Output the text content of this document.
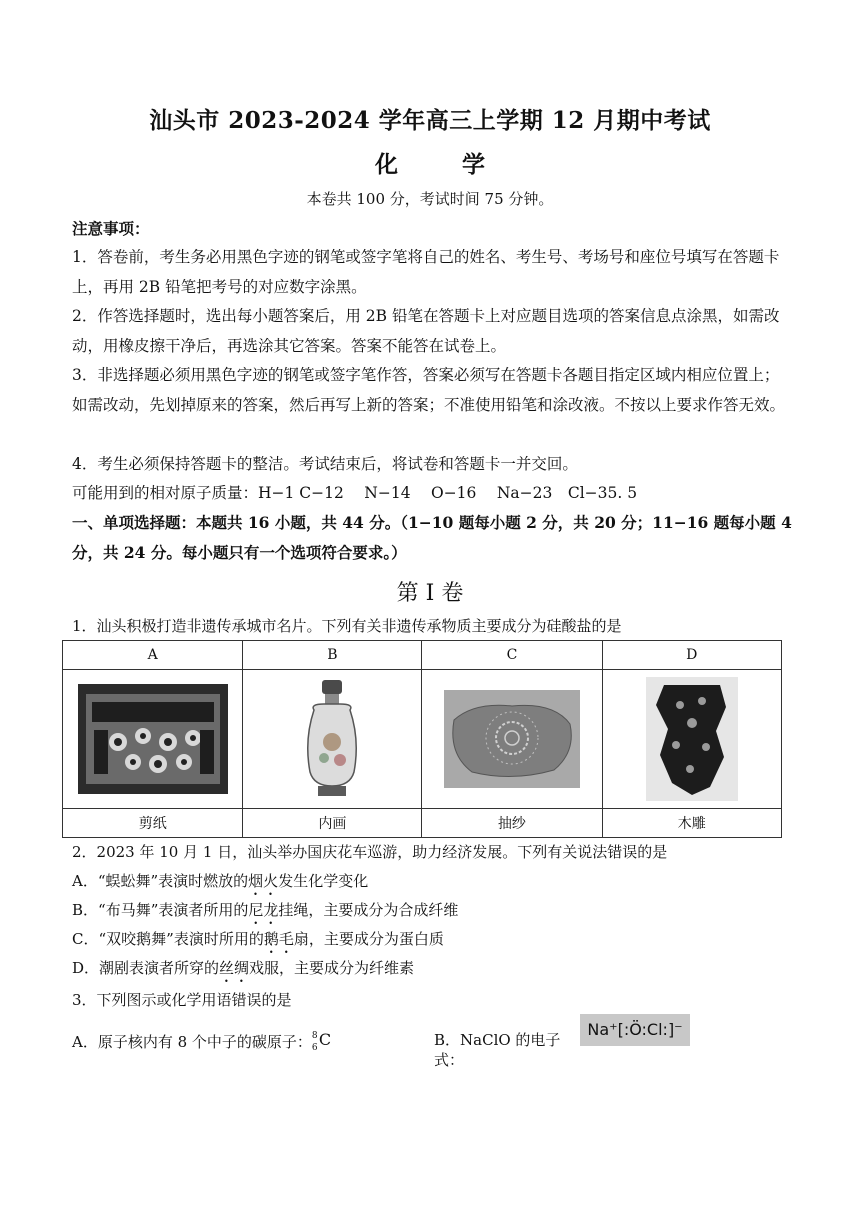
汕头市 2023-2024 学年高三上学期 12 月期中考试
化 学
本卷共 100 分，考试时间 75 分钟。
注意事项：
1．答卷前，考生务必用黑色字迹的钢笔或签字笔将自己的姓名、考生号、考场号和座位号填写在答题卡上，再用 2B 铅笔把考号的对应数字涂黑。
2．作答选择题时，选出每小题答案后，用 2B 铅笔在答题卡上对应题目选项的答案信息点涂黑，如需改动，用橡皮擦干净后，再选涂其它答案。答案不能答在试卷上。
3．非选择题必须用黑色字迹的钢笔或签字笔作答，答案必须写在答题卡各题目指定区域内相应位置上；如需改动，先划掉原来的答案，然后再写上新的答案；不准使用铅笔和涂改液。不按以上要求作答无效。
4．考生必须保持答题卡的整洁。考试结束后，将试卷和答题卡一并交回。
可能用到的相对原子质量：H−1 C−12　 N−14　 O−16　 Na−23　Cl−35. 5
一、单项选择题：本题共 16 小题，共 44 分。（1−10 题每小题 2 分，共 20 分；11−16 题每小题 4 分，共 24 分。每小题只有一个选项符合要求。）
第 I 卷
1．汕头积极打造非遗传承城市名片。下列有关非遗传承物质主要成分为硅酸盐的是
A	B	C	D

剪纸	内画	抽纱	木雕
2．2023 年 10 月 1 日，汕头举办国庆花车巡游，助力经济发展。下列有关说法错误的是
A．“蜈蚣舞”表演时燃放的烟火发生化学变化
B．“布马舞”表演者所用的尼龙挂绳，主要成分为合成纤维
C．“双咬鹅舞”表演时所用的鹅毛扇，主要成分为蛋白质
D．潮剧表演者所穿的丝绸戏服，主要成分为纤维素
3．下列图示或化学用语错误的是
A．原子核内有 8 个中子的碳原子： 8
6 C	B．NaClO 的电子式：
Na⁺[:Ö:Cl:]⁻
